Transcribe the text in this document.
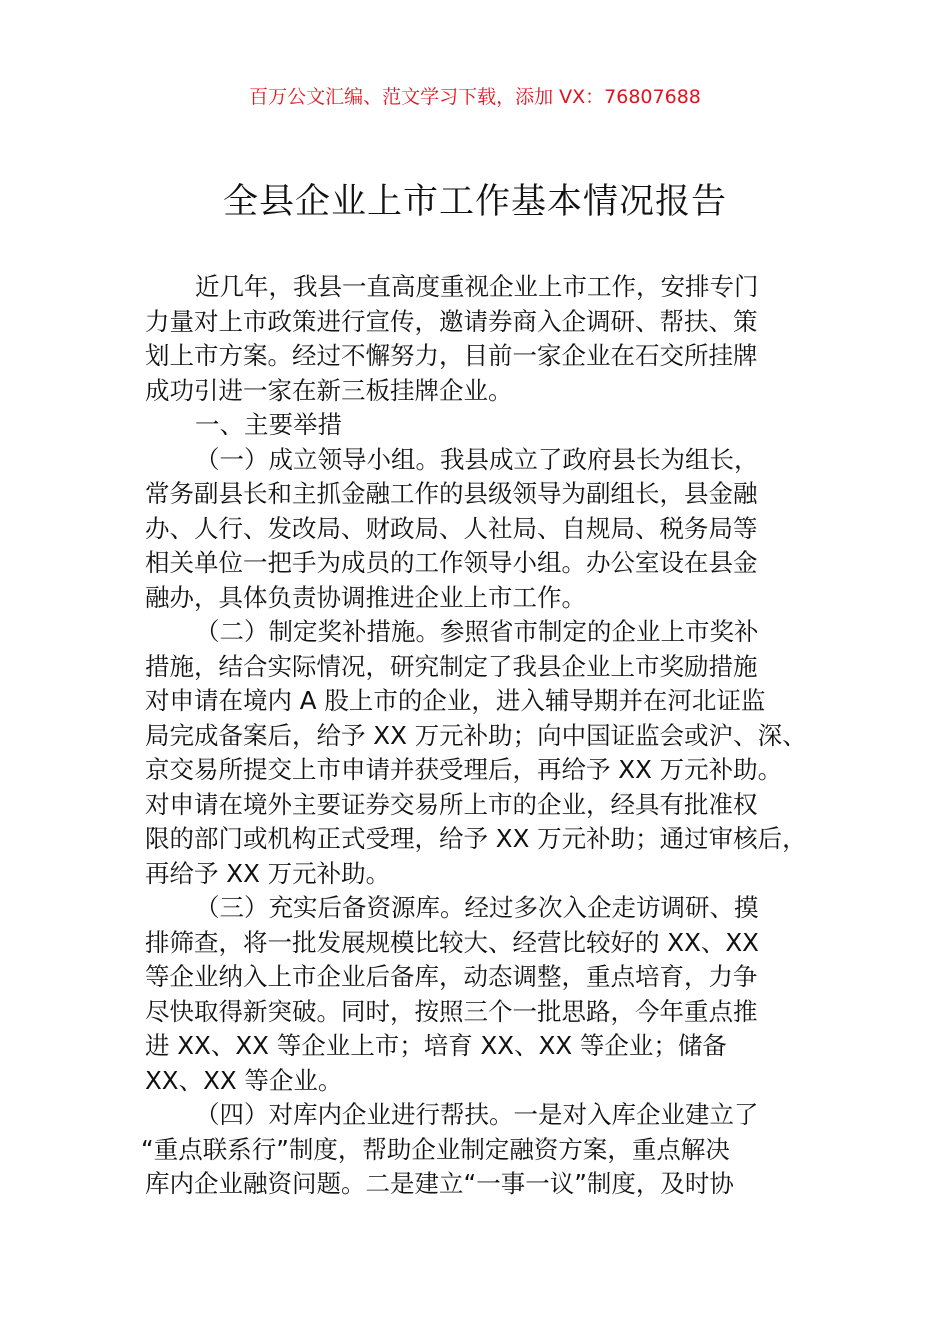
百万公文汇编、范文学习下载，添加 VX：76807688
全县企业上市工作基本情况报告
近几年，我县一直高度重视企业上市工作，安排专门
力量对上市政策进行宣传，邀请券商入企调研、帮扶、策
划上市方案。经过不懈努力，目前一家企业在石交所挂牌
成功引进一家在新三板挂牌企业。
一、主要举措
（一）成立领导小组。我县成立了政府县长为组长，
常务副县长和主抓金融工作的县级领导为副组长，县金融
办、人行、发改局、财政局、人社局、自规局、税务局等
相关单位一把手为成员的工作领导小组。办公室设在县金
融办，具体负责协调推进企业上市工作。
（二）制定奖补措施。参照省市制定的企业上市奖补
措施，结合实际情况，研究制定了我县企业上市奖励措施
对申请在境内 A 股上市的企业，进入辅导期并在河北证监
局完成备案后，给予 XX 万元补助；向中国证监会或沪、深、
京交易所提交上市申请并获受理后，再给予 XX 万元补助。
对申请在境外主要证券交易所上市的企业，经具有批准权
限的部门或机构正式受理，给予 XX 万元补助；通过审核后，
再给予 XX 万元补助。
（三）充实后备资源库。经过多次入企走访调研、摸
排筛查，将一批发展规模比较大、经营比较好的 XX、XX
等企业纳入上市企业后备库，动态调整，重点培育，力争
尽快取得新突破。同时，按照三个一批思路，今年重点推
进 XX、XX 等企业上市；培育 XX、XX 等企业；储备
XX、XX 等企业。
（四）对库内企业进行帮扶。一是对入库企业建立了
“重点联系行”制度，帮助企业制定融资方案，重点解决
库内企业融资问题。二是建立“一事一议”制度，及时协
